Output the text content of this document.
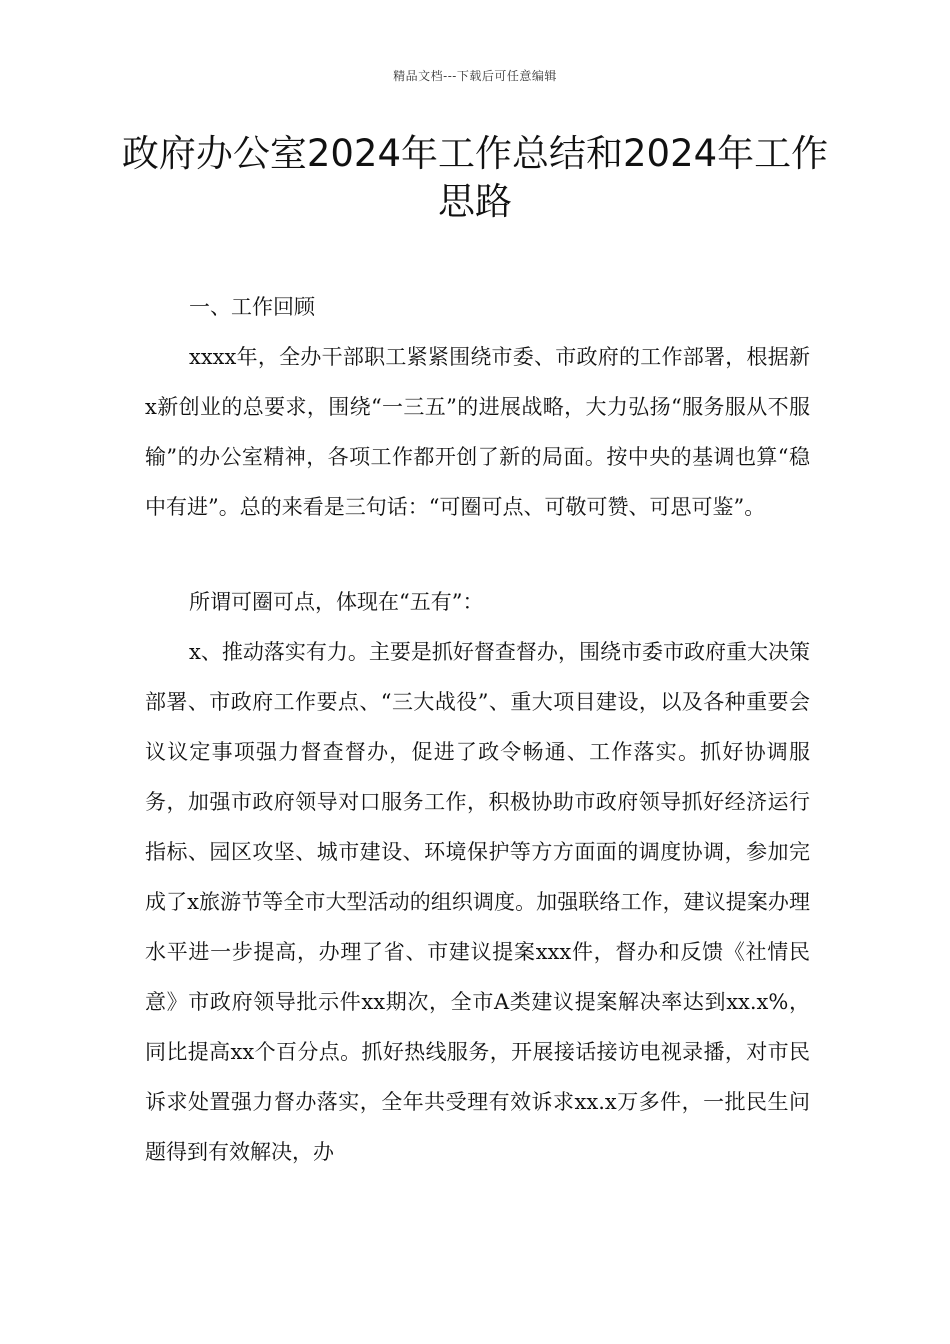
精品文档---下载后可任意编辑
政府办公室2024年工作总结和2024年工作思路

一、工作回顾

xxxx年，全办干部职工紧紧围绕市委、市政府的工作部署，根据新x新创业的总要求，围绕“一三五”的进展战略，大力弘扬“服务服从不服输”的办公室精神，各项工作都开创了新的局面。按中央的基调也算“稳中有进”。总的来看是三句话：“可圈可点、可敬可赞、可思可鉴”。

所谓可圈可点，体现在“五有”：

x、推动落实有力。主要是抓好督查督办，围绕市委市政府重大决策部署、市政府工作要点、“三大战役”、重大项目建设，以及各种重要会议议定事项强力督查督办，促进了政令畅通、工作落实。抓好协调服务，加强市政府领导对口服务工作，积极协助市政府领导抓好经济运行指标、园区攻坚、城市建设、环境保护等方方面面的调度协调，参加完成了x旅游节等全市大型活动的组织调度。加强联络工作，建议提案办理水平进一步提高，办理了省、市建议提案xxx件，督办和反馈《社情民意》市政府领导批示件xx期次，全市A类建议提案解决率达到xx.x%，同比提高xx个百分点。抓好热线服务，开展接话接访电视录播，对市民诉求处置强力督办落实，全年共受理有效诉求xx.x万多件，一批民生问题得到有效解决，办
